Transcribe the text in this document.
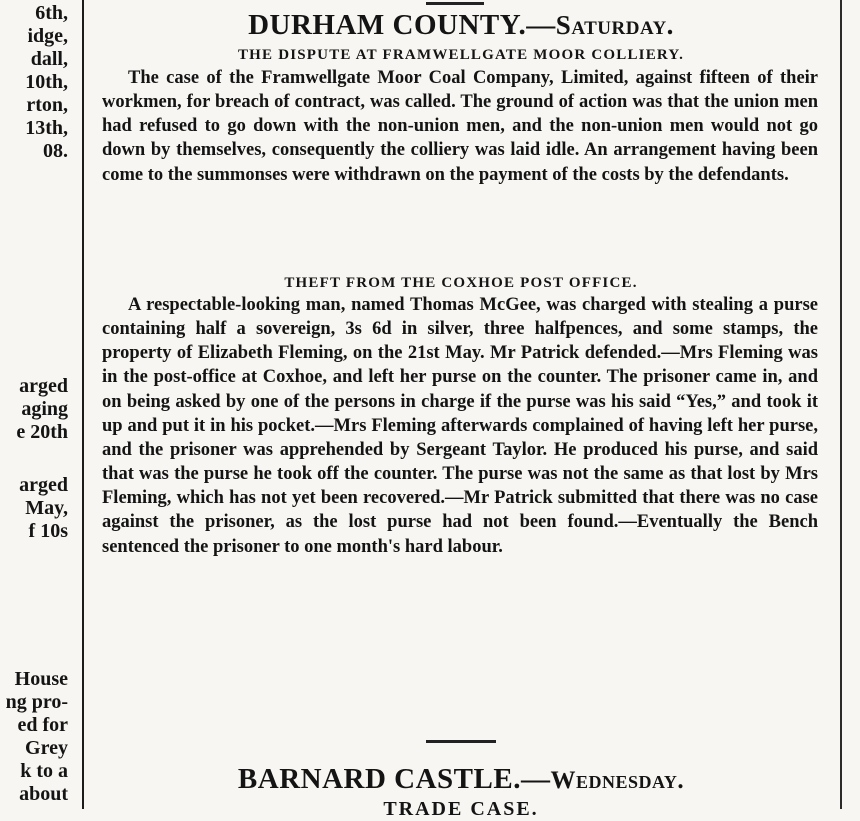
6th,
idge,
dall,
10th,
rton,
13th,
08.
arged
aging
e 20th
arged
May,
f 10s
House
ng pro-
ed for
Grey
k to a
about
DURHAM COUNTY.—Saturday.
THE DISPUTE AT FRAMWELLGATE MOOR COLLIERY.
The case of the Framwellgate Moor Coal Company, Limited, against fifteen of their workmen, for breach of contract, was called. The ground of action was that the union men had refused to go down with the non-union men, and the non-union men would not go down by themselves, consequently the colliery was laid idle. An arrangement having been come to the summonses were withdrawn on the payment of the costs by the defendants.
THEFT FROM THE COXHOE POST OFFICE.
A respectable-looking man, named Thomas McGee, was charged with stealing a purse containing half a sovereign, 3s 6d in silver, three halfpences, and some stamps, the property of Elizabeth Fleming, on the 21st May. Mr Patrick defended.—Mrs Fleming was in the post-office at Coxhoe, and left her purse on the counter. The prisoner came in, and on being asked by one of the persons in charge if the purse was his said “Yes,” and took it up and put it in his pocket.—Mrs Fleming afterwards complained of having left her purse, and the prisoner was apprehended by Sergeant Taylor. He produced his purse, and said that was the purse he took off the counter. The purse was not the same as that lost by Mrs Fleming, which has not yet been recovered.—Mr Patrick submitted that there was no case against the prisoner, as the lost purse had not been found.—Eventually the Bench sentenced the prisoner to one month's hard labour.
BARNARD CASTLE.—Wednesday.
TRADE CASE.
